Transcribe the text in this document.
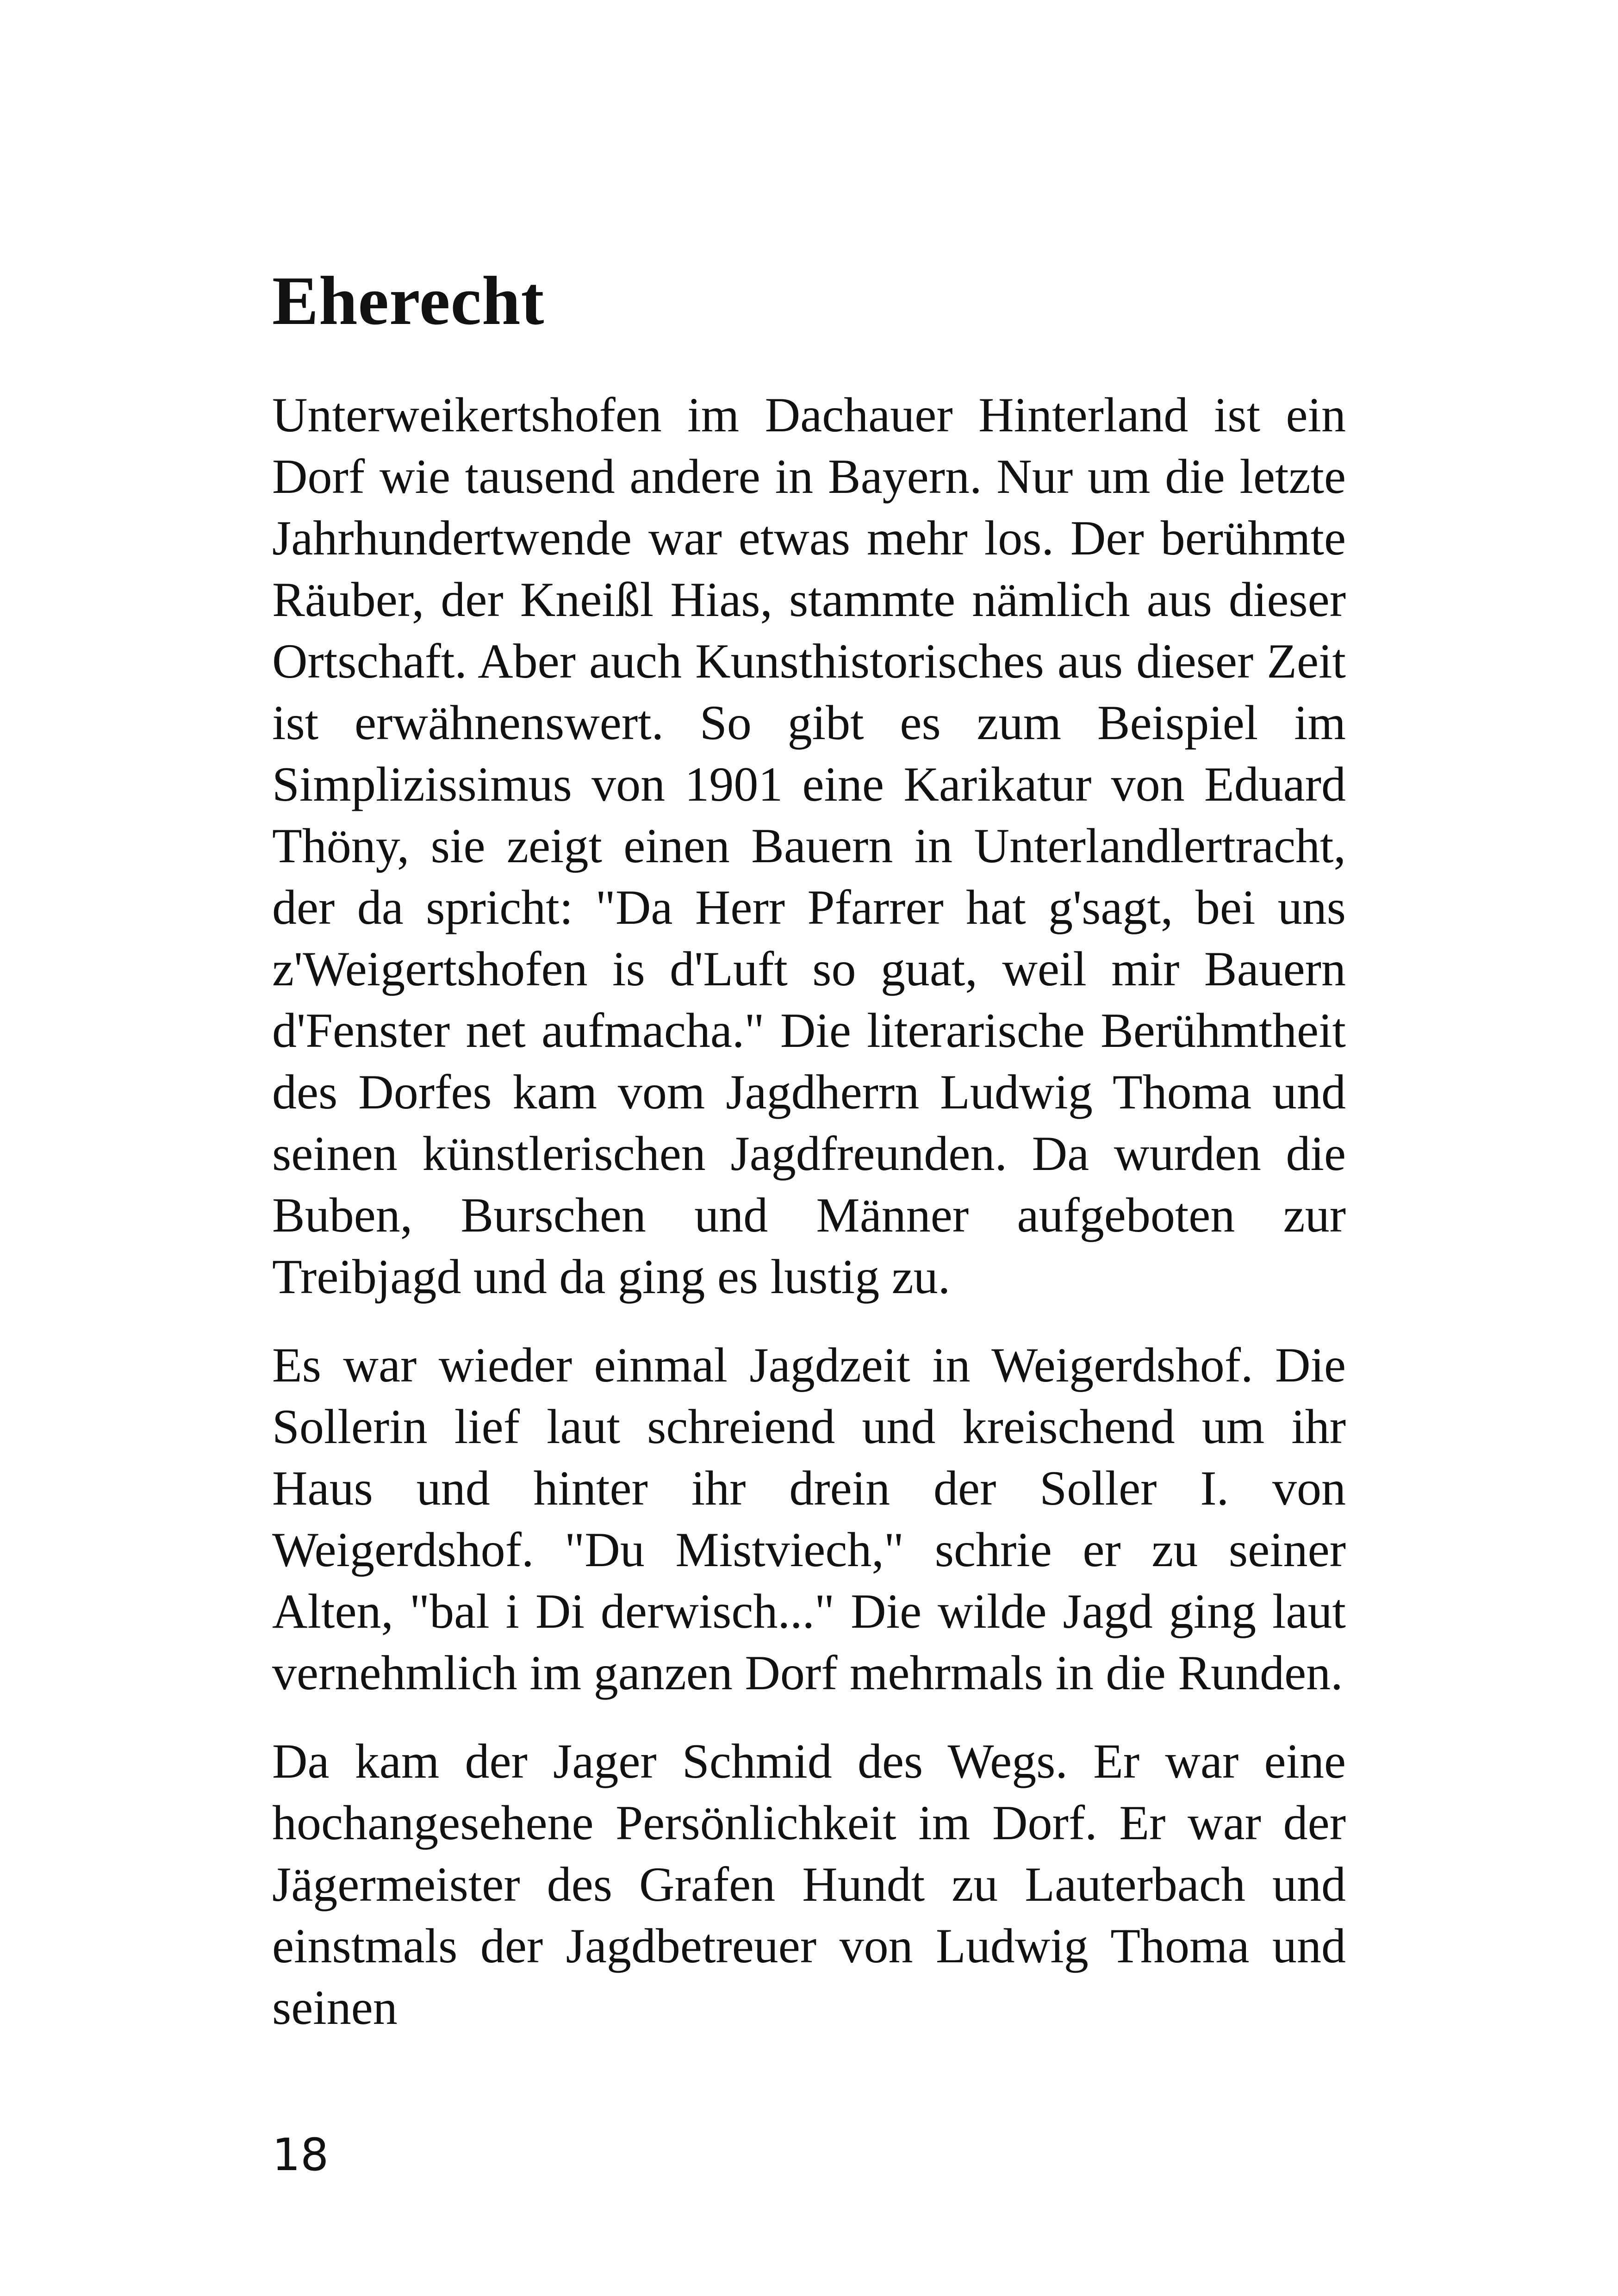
Eherecht

Unterweikertshofen im Dachauer Hinterland ist ein Dorf wie tausend andere in Bayern. Nur um die letzte Jahrhundertwende war etwas mehr los. Der berühmte Räuber, der Kneißl Hias, stammte nämlich aus dieser Ortschaft. Aber auch Kunsthistorisches aus dieser Zeit ist erwähnenswert. So gibt es zum Beispiel im Simplizissimus von 1901 eine Karikatur von Eduard Thöny, sie zeigt einen Bauern in Unterlandlertracht, der da spricht: "Da Herr Pfarrer hat g'sagt, bei uns z'Weigertshofen is d'Luft so guat, weil mir Bauern d'Fenster net aufmacha." Die literarische Berühmtheit des Dorfes kam vom Jagdherrn Ludwig Thoma und seinen künstlerischen Jagdfreunden. Da wurden die Buben, Burschen und Männer aufgeboten zur Treibjagd und da ging es lustig zu.

Es war wieder einmal Jagdzeit in Weigerdshof. Die Sollerin lief laut schreiend und kreischend um ihr Haus und hinter ihr drein der Soller I. von Weigerdshof. "Du Mistviech," schrie er zu seiner Alten, "bal i Di derwisch..." Die wilde Jagd ging laut vernehmlich im ganzen Dorf mehrmals in die Runden.

Da kam der Jager Schmid des Wegs. Er war eine hochangesehene Persönlichkeit im Dorf. Er war der Jägermeister des Grafen Hundt zu Lauterbach und einstmals der Jagdbetreuer von Ludwig Thoma und seinen

18
